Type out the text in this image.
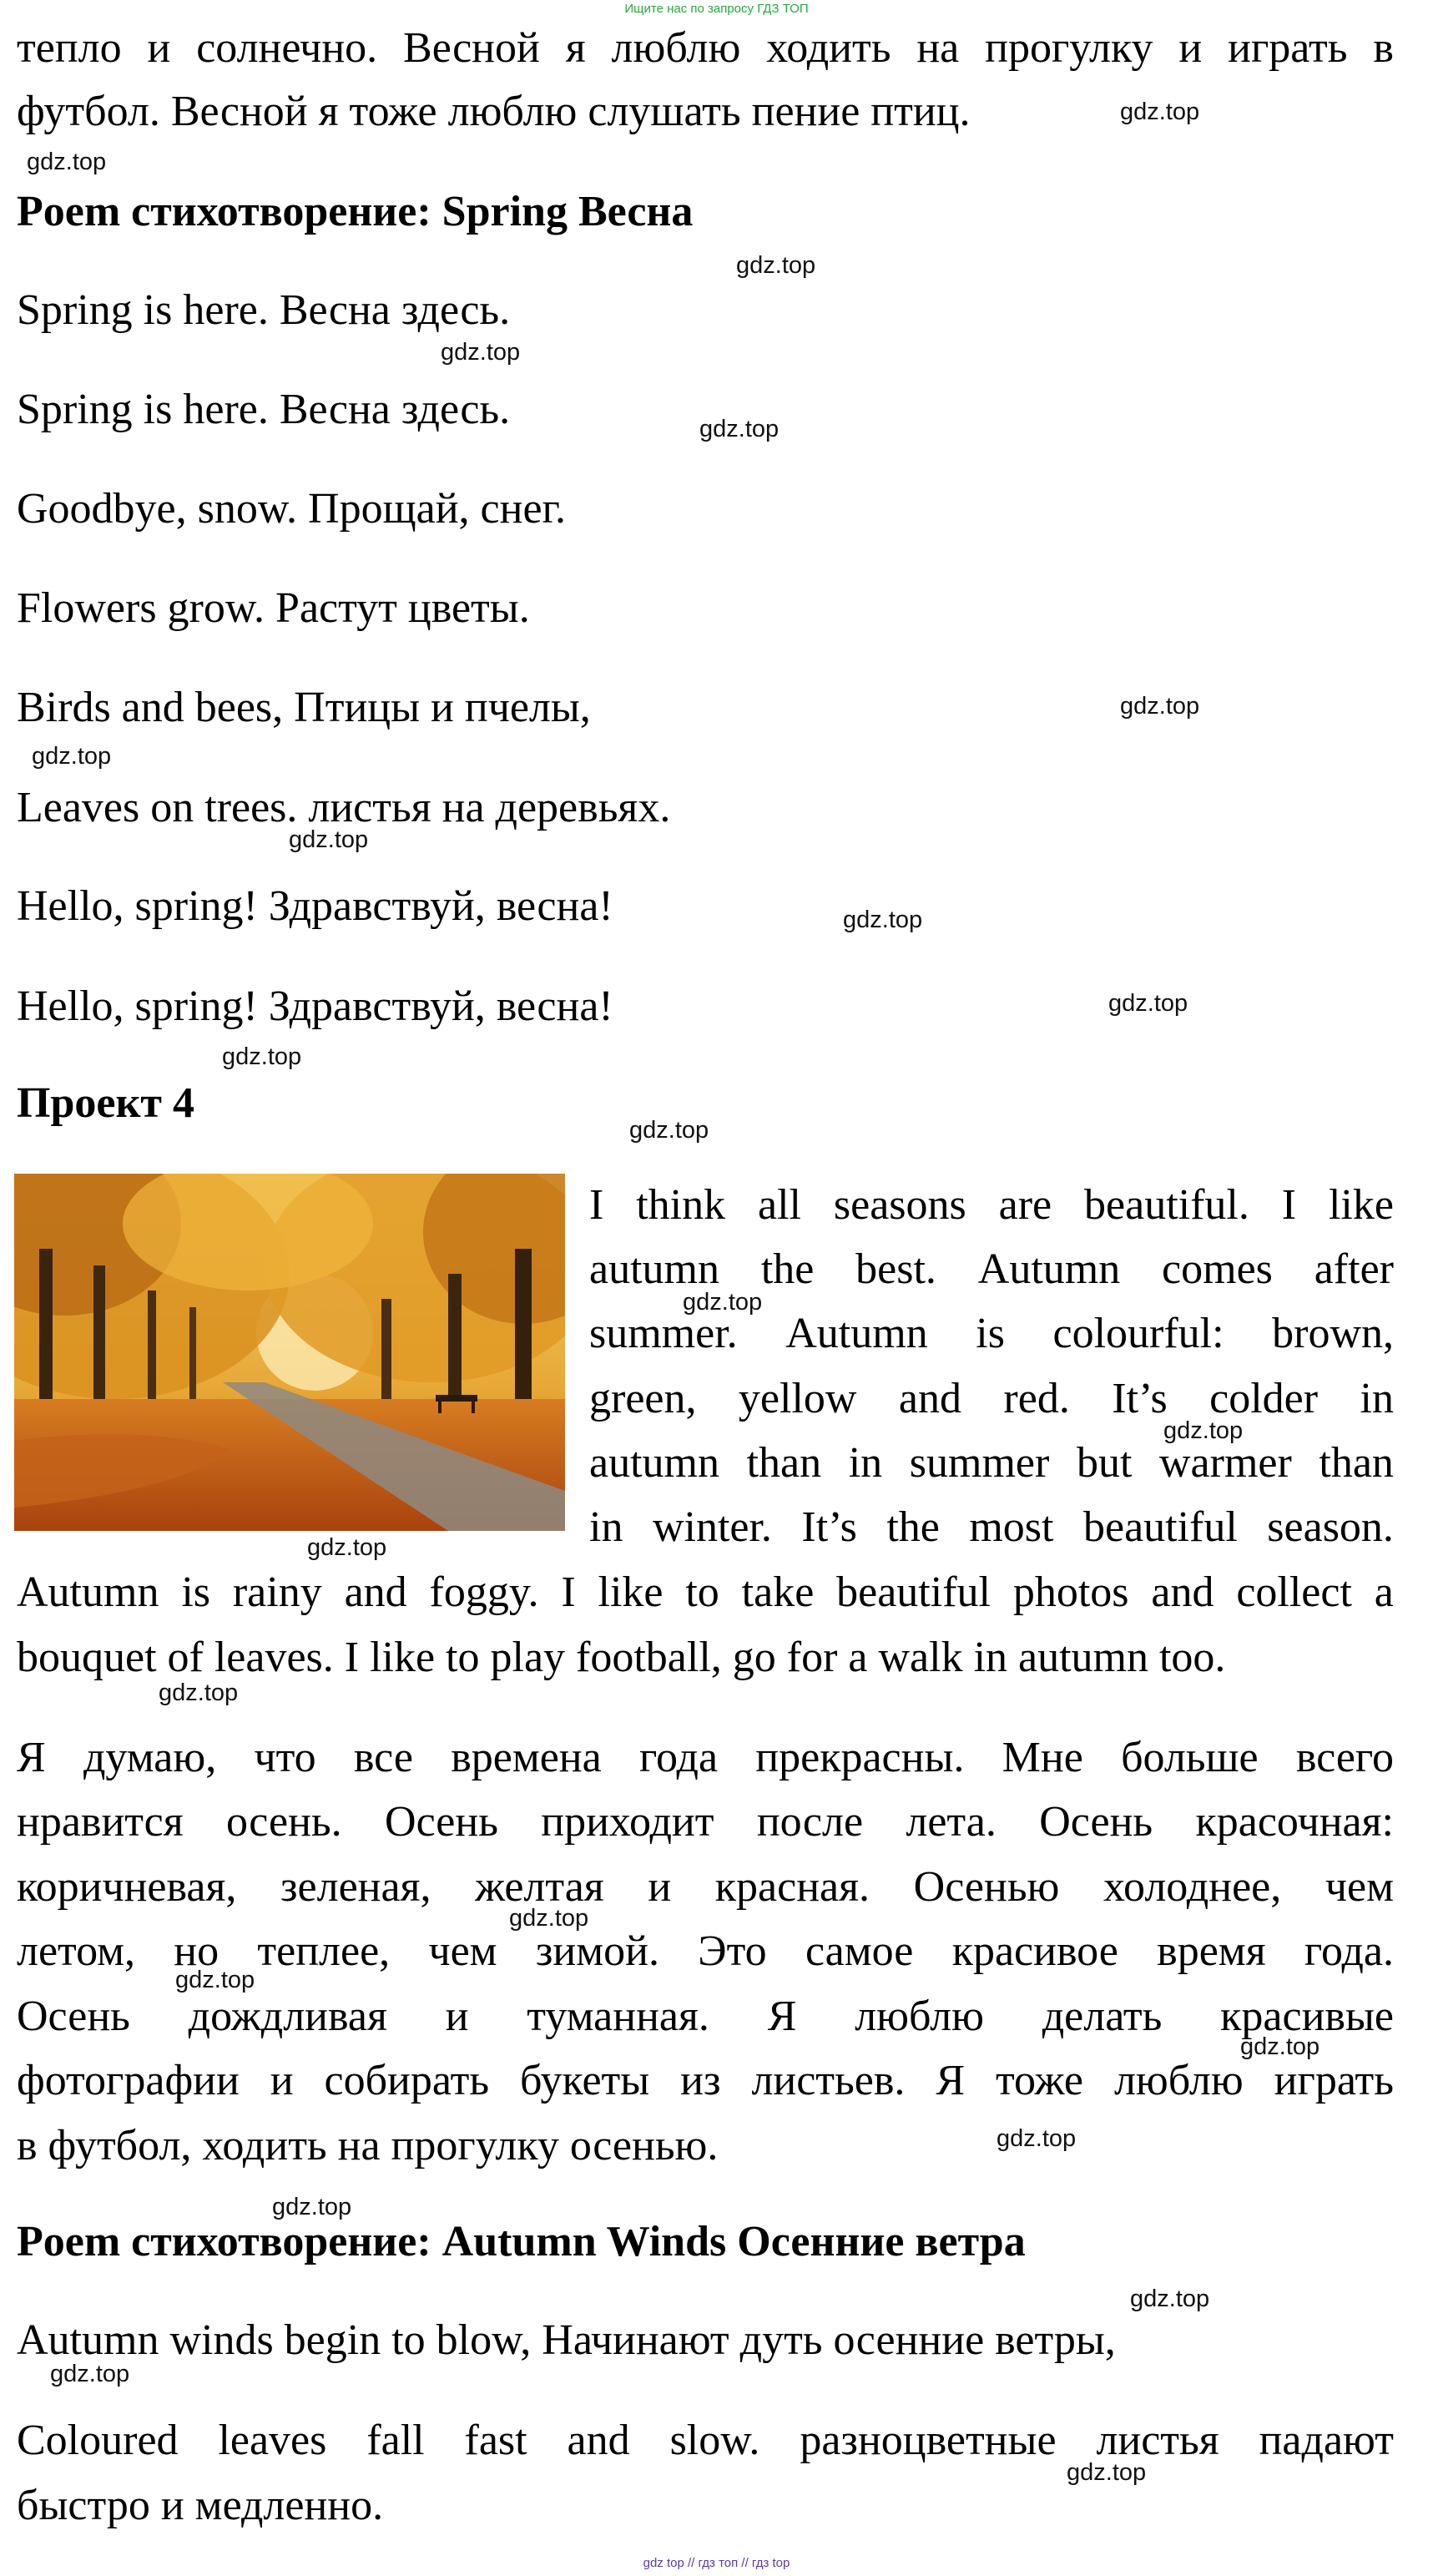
Ищите нас по запросу ГДЗ ТОП
тепло и солнечно. Весной я люблю ходить на прогулку и играть в
футбол. Весной я тоже люблю слушать пение птиц.
Poem стихотворение: Spring Весна
Spring is here. Весна здесь.
Spring is here. Весна здесь.
Goodbye, snow. Прощай, снег.
Flowers grow. Растут цветы.
Birds and bees, Птицы и пчелы,
Leaves on trees. листья на деревьях.
Hello, spring! Здравствуй, весна!
Hello, spring! Здравствуй, весна!
Проект 4
I think all seasons are beautiful. I like
autumn the best. Autumn comes after
summer. Autumn is colourful: brown,
green, yellow and red. It’s colder in
autumn than in summer but warmer than
in winter. It’s the most beautiful season.
Autumn is rainy and foggy. I like to take beautiful photos and collect a
bouquet of leaves. I like to play football, go for a walk in autumn too.
Я думаю, что все времена года прекрасны. Мне больше всего
нравится осень. Осень приходит после лета. Осень красочная:
коричневая, зеленая, желтая и красная. Осенью холоднее, чем
летом, но теплее, чем зимой. Это самое красивое время года.
Осень дождливая и туманная. Я люблю делать красивые
фотографии и собирать букеты из листьев. Я тоже люблю играть
в футбол, ходить на прогулку осенью.
Poem стихотворение: Autumn Winds Осенние ветра
Autumn winds begin to blow, Начинают дуть осенние ветры,
Coloured leaves fall fast and slow. разноцветные листья падают
быстро и медленно.
gdz.top
gdz.top
gdz.top
gdz.top
gdz.top
gdz.top
gdz.top
gdz.top
gdz.top
gdz.top
gdz.top
gdz.top
gdz.top
gdz.top
gdz.top
gdz.top
gdz.top
gdz.top
gdz.top
gdz.top
gdz.top
gdz.top
gdz.top
gdz.top
gdz top // гдз топ // гдз top
